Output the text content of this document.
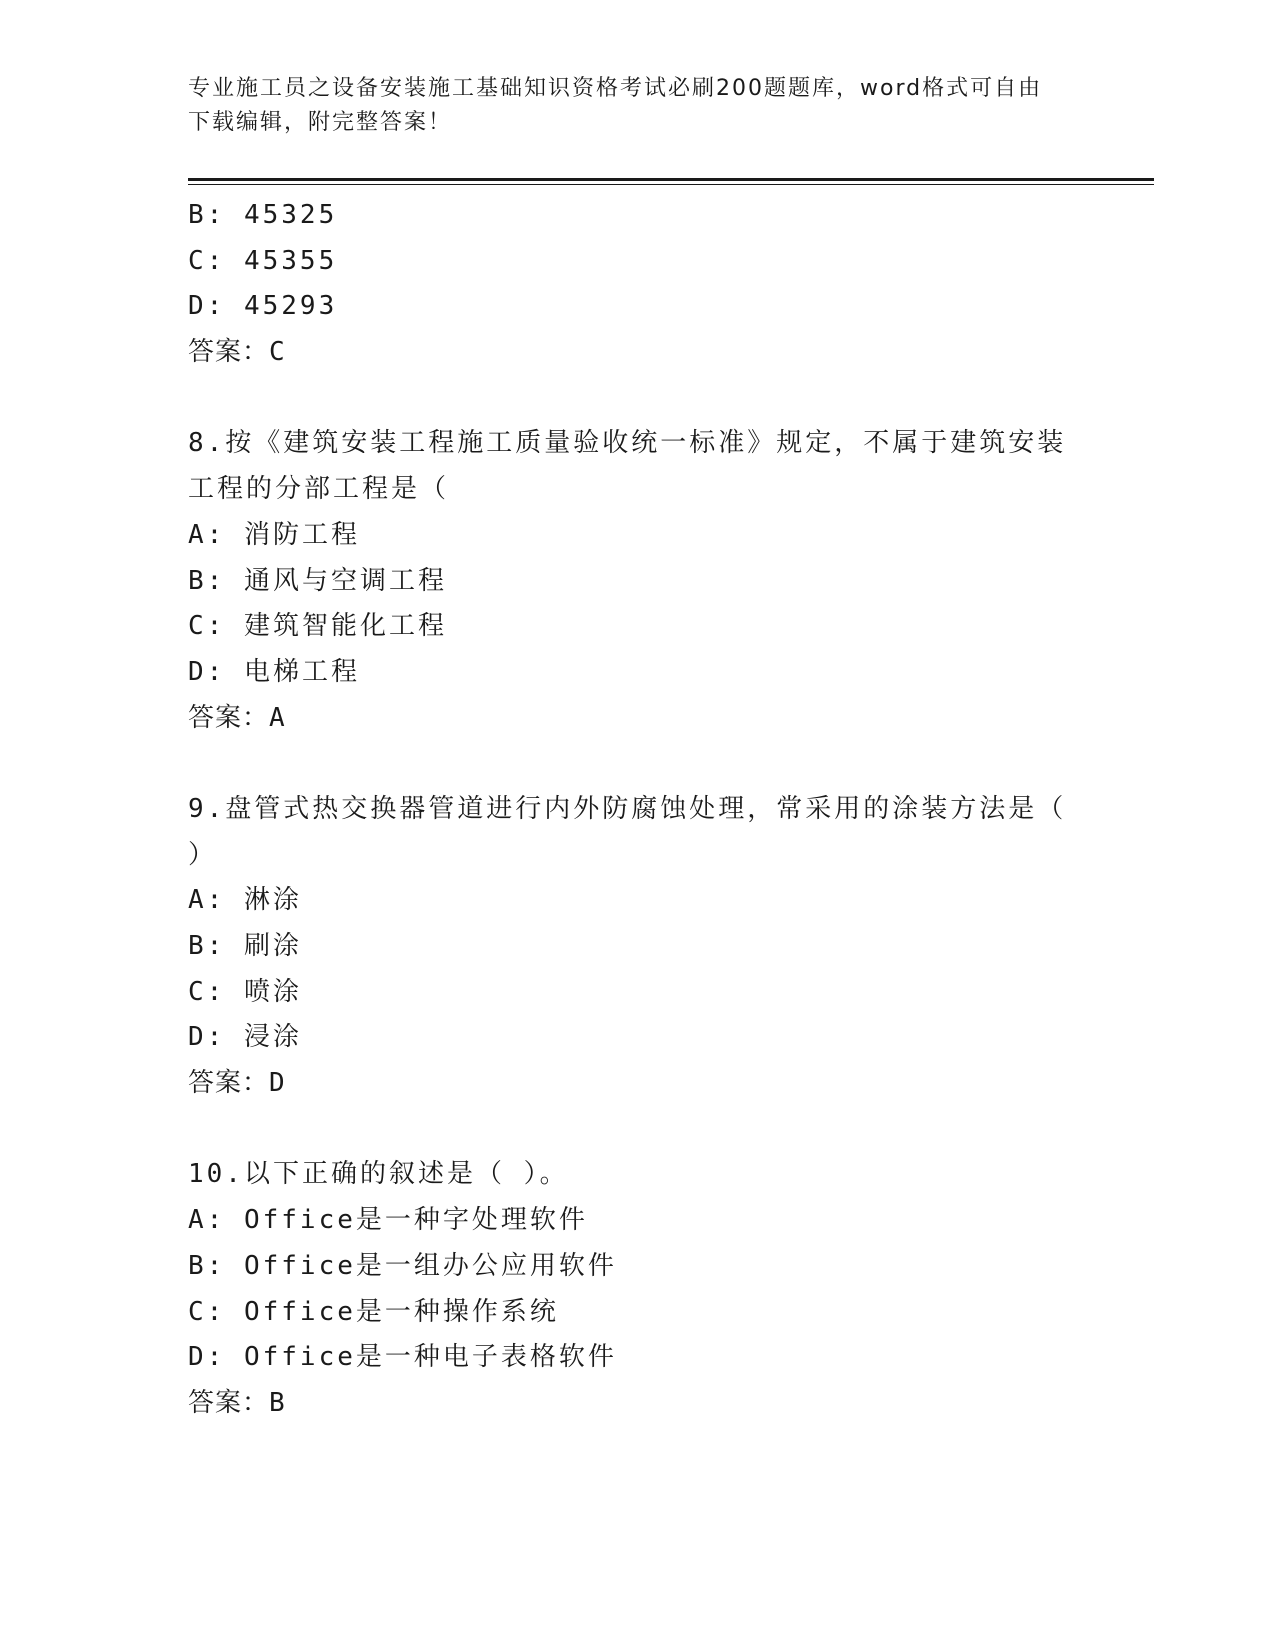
专业施工员之设备安装施工基础知识资格考试必刷200题题库，word格式可自由
下载编辑，附完整答案！
B: 45325
C: 45355
D: 45293
答案：C
8.按《建筑安装工程施工质量验收统一标准》规定，不属于建筑安装
工程的分部工程是（
A: 消防工程
B: 通风与空调工程
C: 建筑智能化工程
D: 电梯工程
答案：A
9.盘管式热交换器管道进行内外防腐蚀处理，常采用的涂装方法是（
）
A: 淋涂
B: 刷涂
C: 喷涂
D: 浸涂
答案：D
10.以下正确的叙述是（ ）。
A: Office是一种字处理软件
B: Office是一组办公应用软件
C: Office是一种操作系统
D: Office是一种电子表格软件
答案：B
